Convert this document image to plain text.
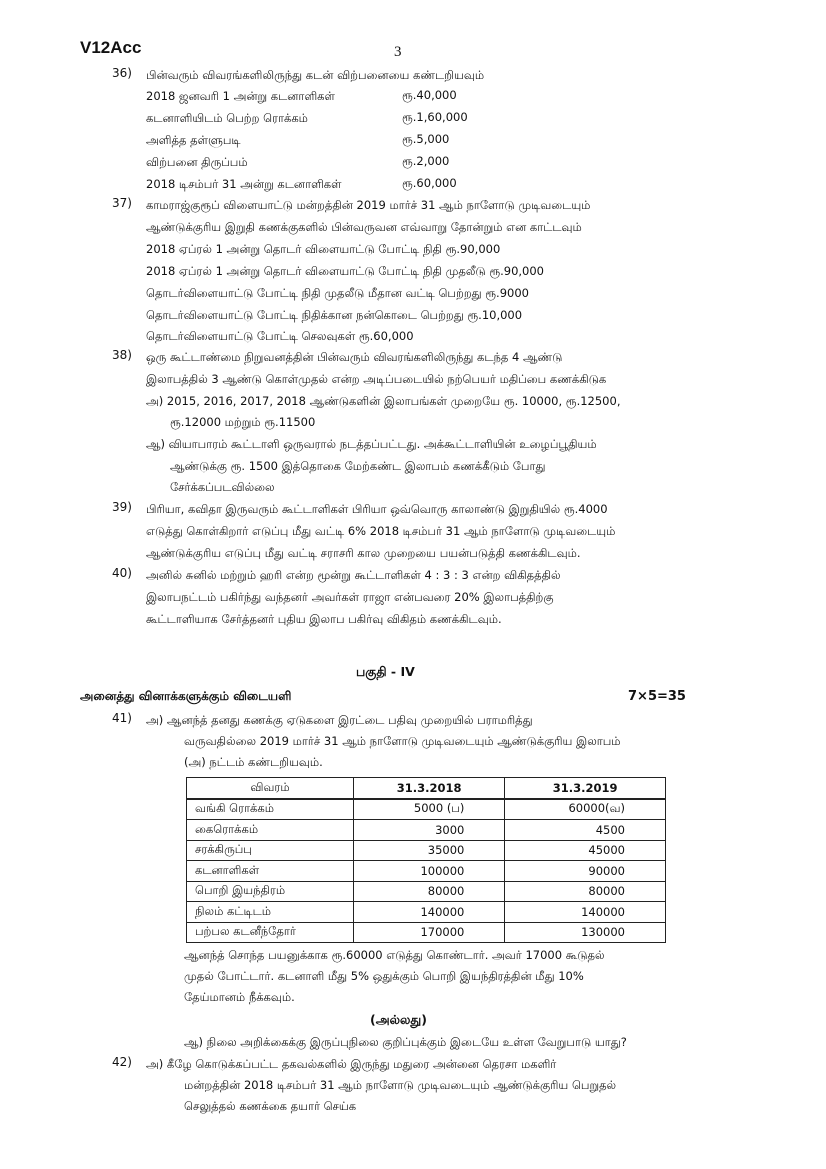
V12Acc	3
36) பின்வரும் விவரங்களிலிருந்து கடன் விற்பனையை கண்டறியவும்
2018 ஜனவரி 1 அன்று கடனாளிகள்	ரூ.40,000
கடனாளியிடம் பெற்ற ரொக்கம்	ரூ.1,60,000
அளித்த தள்ளுபடி	ரூ.5,000
விற்பனை திருப்பம்	ரூ.2,000
2018 டிசம்பர் 31 அன்று கடனாளிகள்	ரூ.60,000
37) காமராஜ்குரூப் விளையாட்டு மன்றத்தின் 2019 மார்ச் 31 ஆம் நாளோடு முடிவடையும்
ஆண்டுக்குரிய இறுதி கணக்குகளில் பின்வருவன எவ்வாறு தோன்றும் என காட்டவும்
2018 ஏப்ரல் 1 அன்று தொடர் விளையாட்டு போட்டி நிதி ரூ.90,000
2018 ஏப்ரல் 1 அன்று தொடர் விளையாட்டு போட்டி நிதி முதலீடு ரூ.90,000
தொடர்விளையாட்டு போட்டி நிதி முதலீடு மீதான வட்டி பெற்றது ரூ.9000
தொடர்விளையாட்டு போட்டி நிதிக்கான நன்கொடை பெற்றது ரூ.10,000
தொடர்விளையாட்டு போட்டி செலவுகள் ரூ.60,000
38) ஒரு கூட்டாண்மை நிறுவனத்தின் பின்வரும் விவரங்களிலிருந்து கடந்த 4 ஆண்டு
இலாபத்தில் 3 ஆண்டு கொள்முதல் என்ற அடிப்படையில் நற்பெயர் மதிப்பை கணக்கிடுக
அ) 2015, 2016, 2017, 2018 ஆண்டுகளின் இலாபங்கள் முறையே ரூ. 10000, ரூ.12500,
ரூ.12000 மற்றும் ரூ.11500
ஆ) வியாபாரம் கூட்டாளி ஒருவரால் நடத்தப்பட்டது. அக்கூட்டாளியின் உழைப்பூதியம்
ஆண்டுக்கு ரூ. 1500 இத்தொகை மேற்கண்ட இலாபம் கணக்கீடும் போது
சேர்க்கப்படவில்லை
39) பிரியா, கவிதா இருவரும் கூட்டாளிகள் பிரியா ஒவ்வொரு காலாண்டு இறுதியில் ரூ.4000
எடுத்து கொள்கிறார் எடுப்பு மீது வட்டி 6% 2018 டிசம்பர் 31 ஆம் நாளோடு முடிவடையும்
ஆண்டுக்குரிய எடுப்பு மீது வட்டி சராசரி கால முறையை பயன்படுத்தி கணக்கிடவும்.
40) அனில் சுனில் மற்றும் ஹரி என்ற மூன்று கூட்டாளிகள் 4 : 3 : 3 என்ற விகிதத்தில்
இலாபநட்டம் பகிர்ந்து வந்தனர் அவர்கள் ராஜா என்பவரை 20% இலாபத்திற்கு
கூட்டாளியாக சேர்த்தனர் புதிய இலாப பகிர்வு விகிதம் கணக்கிடவும்.
பகுதி - IV
அனைத்து வினாக்களுக்கும் விடையளி	7×5=35
41) அ) ஆனந்த் தனது கணக்கு ஏடுகளை இரட்டை பதிவு முறையில் பராமரித்து
வருவதில்லை 2019 மார்ச் 31 ஆம் நாளோடு முடிவடையும் ஆண்டுக்குரிய இலாபம்
(அ) நட்டம் கண்டறியவும்.
விவரம்	31.3.2018	31.3.2019
வங்கி ரொக்கம்	5000 (ப)	60000(வ)
கைரொக்கம்	3000	4500
சரக்கிருப்பு	35000	45000
கடனாளிகள்	100000	90000
பொறி இயந்திரம்	80000	80000
நிலம் கட்டிடம்	140000	140000
பற்பல கடனீந்தோர்	170000	130000
ஆனந்த் சொந்த பயனுக்காக ரூ.60000 எடுத்து கொண்டார். அவர் 17000 கூடுதல்
முதல் போட்டார். கடனாளி மீது 5% ஒதுக்கும் பொறி இயந்திரத்தின் மீது 10%
தேய்மானம் நீக்கவும்.
(அல்லது)
ஆ) நிலை அறிக்கைக்கு இருப்புநிலை குறிப்புக்கும் இடையே உள்ள வேறுபாடு யாது?
42) அ) கீழே கொடுக்கப்பட்ட தகவல்களில் இருந்து மதுரை அன்னை தெரசா மகளிர்
மன்றத்தின் 2018 டிசம்பர் 31 ஆம் நாளோடு முடிவடையும் ஆண்டுக்குரிய பெறுதல்
செலுத்தல் கணக்கை தயார் செய்க
